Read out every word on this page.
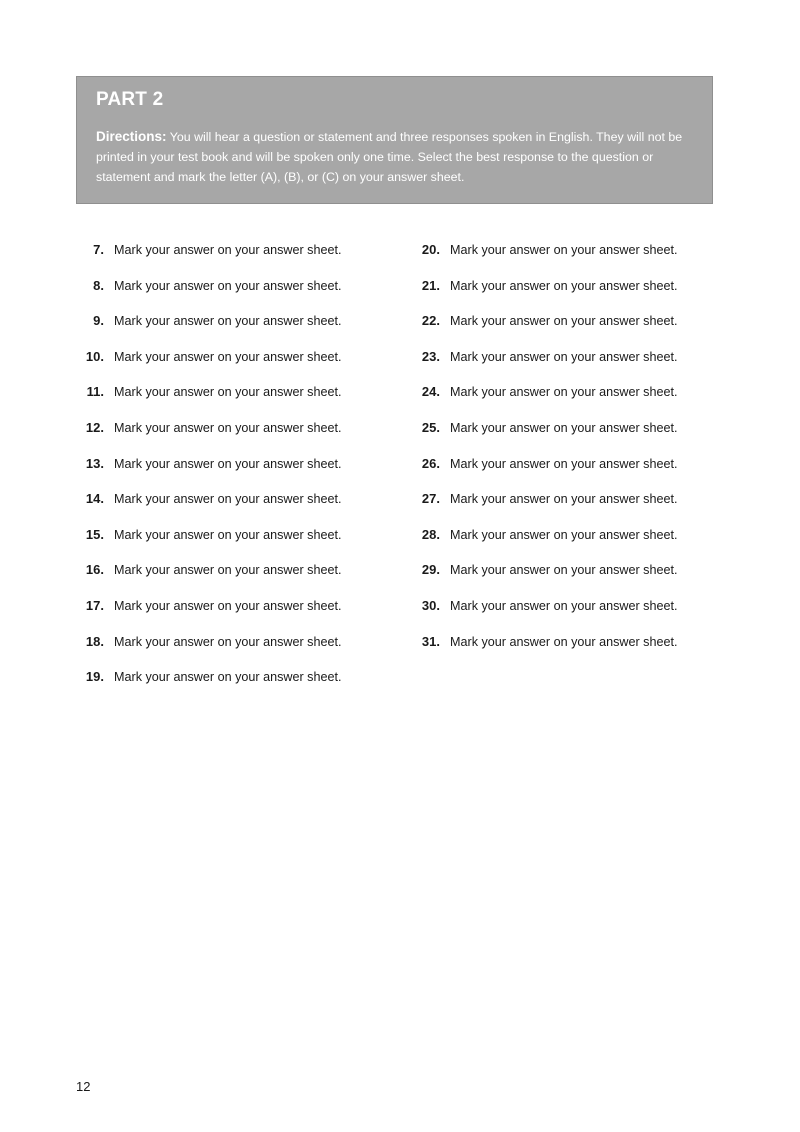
PART 2

Directions: You will hear a question or statement and three responses spoken in English. They will not be printed in your test book and will be spoken only one time. Select the best response to the question or statement and mark the letter (A), (B), or (C) on your answer sheet.

7. Mark your answer on your answer sheet.
8. Mark your answer on your answer sheet.
9. Mark your answer on your answer sheet.
10. Mark your answer on your answer sheet.
11. Mark your answer on your answer sheet.
12. Mark your answer on your answer sheet.
13. Mark your answer on your answer sheet.
14. Mark your answer on your answer sheet.
15. Mark your answer on your answer sheet.
16. Mark your answer on your answer sheet.
17. Mark your answer on your answer sheet.
18. Mark your answer on your answer sheet.
19. Mark your answer on your answer sheet.
20. Mark your answer on your answer sheet.
21. Mark your answer on your answer sheet.
22. Mark your answer on your answer sheet.
23. Mark your answer on your answer sheet.
24. Mark your answer on your answer sheet.
25. Mark your answer on your answer sheet.
26. Mark your answer on your answer sheet.
27. Mark your answer on your answer sheet.
28. Mark your answer on your answer sheet.
29. Mark your answer on your answer sheet.
30. Mark your answer on your answer sheet.
31. Mark your answer on your answer sheet.
12
